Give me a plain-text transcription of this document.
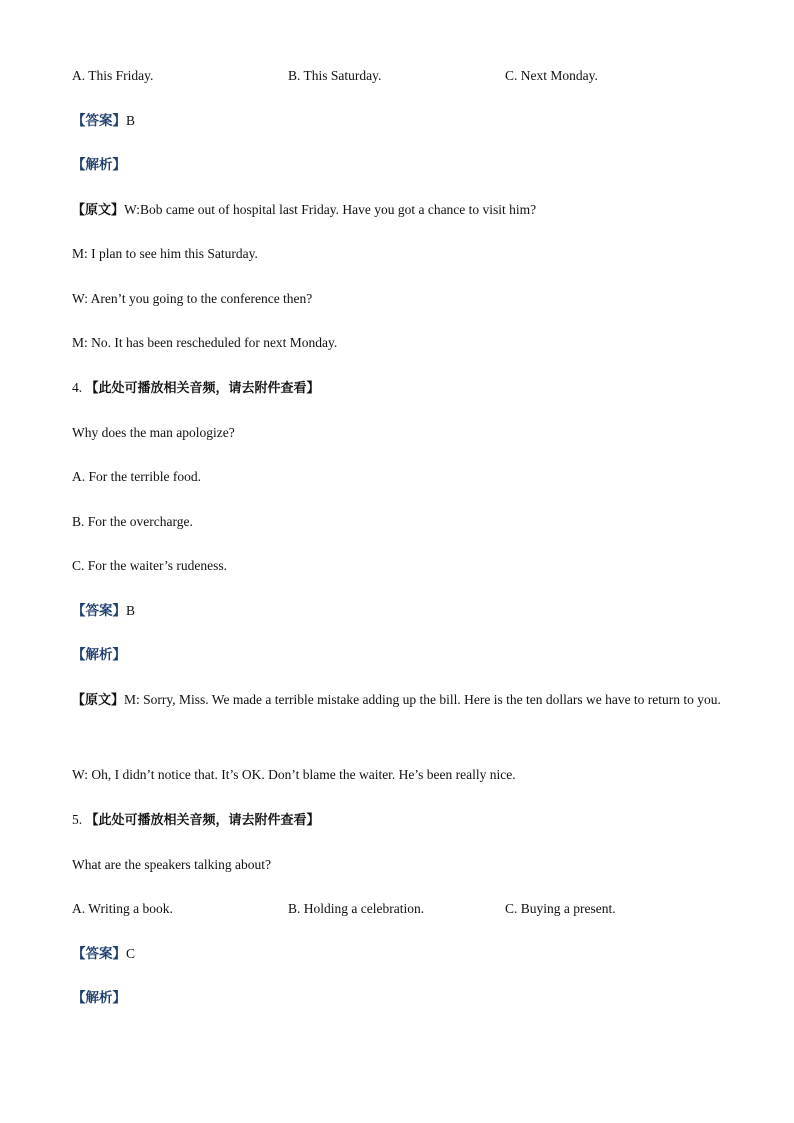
A. This Friday.	B. This Saturday.	C. Next Monday.
【答案】B
【解析】
【原文】W:Bob came out of hospital last Friday. Have you got a chance to visit him?
M: I plan to see him this Saturday.
W: Aren’t you going to the conference then?
M: No. It has been rescheduled for next Monday.
4. 【此处可播放相关音频，请去附件查看】
Why does the man apologize?
A. For the terrible food.
B. For the overcharge.
C. For the waiter’s rudeness.
【答案】B
【解析】
【原文】M: Sorry, Miss. We made a terrible mistake adding up the bill. Here is the ten dollars we have to return to you.
W: Oh, I didn’t notice that. It’s OK. Don’t blame the waiter. He’s been really nice.
5. 【此处可播放相关音频，请去附件查看】
What are the speakers talking about?
A. Writing a book.	B. Holding a celebration.	C. Buying a present.
【答案】C
【解析】
